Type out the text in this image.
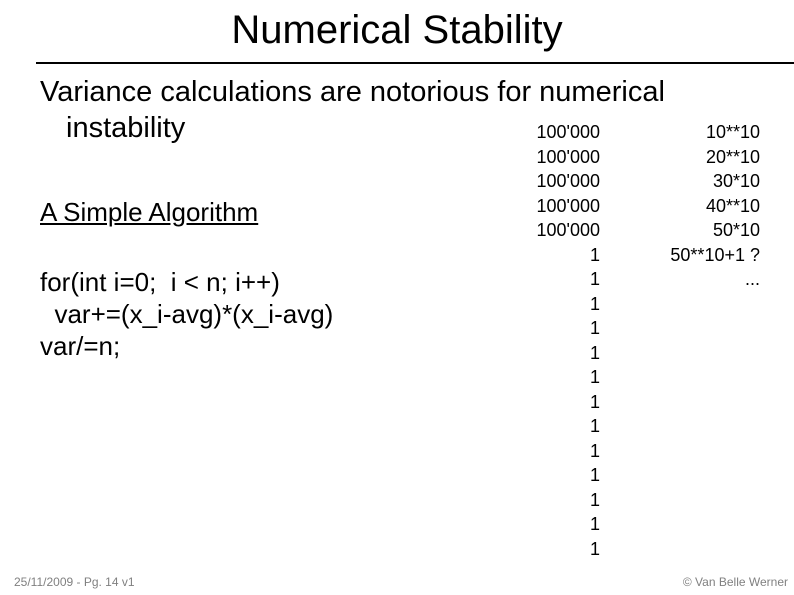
Numerical Stability

Variance calculations are notorious for numerical
instability

A Simple Algorithm

for(int i=0;  i < n; i++)
var+=(x_i-avg)*(x_i-avg)
var/=n;
100'000
100'000
100'000
100'000
100'000
1
1
1
1
1
1
1
1
1
1
1
1
1
10**10
20**10
30*10
40**10
50*10
50**10+1 ?
...
25/11/2009 - Pg. 14 v1	© Van Belle Werner
